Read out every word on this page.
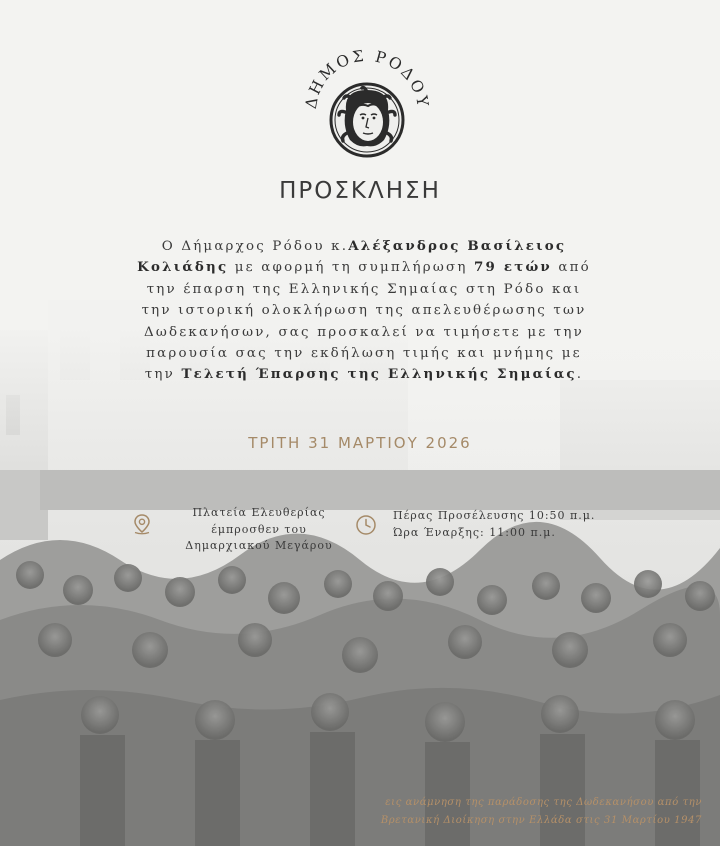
ΔΗΜΟΣ ΡΟΔΟΥ
ΠΡΟΣΚΛΗΣΗ
Ο Δήμαρχος Ρόδου κ.Αλέξανδρος Βασίλειος
Κολιάδης με αφορμή τη συμπλήρωση 79 ετών από
την έπαρση της Ελληνικής Σημαίας στη Ρόδο και
την ιστορική ολοκλήρωση της απελευθέρωσης των
Δωδεκανήσων, σας προσκαλεί να τιμήσετε με την
παρουσία σας την εκδήλωση τιμής και μνήμης με
την Τελετή Έπαρσης της Ελληνικής Σημαίας.
ΤΡΙΤΗ 31 ΜΑΡΤΙΟΥ 2026
Πλατεία Ελευθερίας
έμπροσθεν του
Δημαρχιακού Μεγάρου
Πέρας Προσέλευσης 10:50 π.μ.
Ώρα Έναρξης: 11:00 π.μ.
εις ανάμνηση της παράδοσης της Δωδεκανήσου από την
Βρετανική Διοίκηση στην Ελλάδα στις 31 Μαρτίου 1947
